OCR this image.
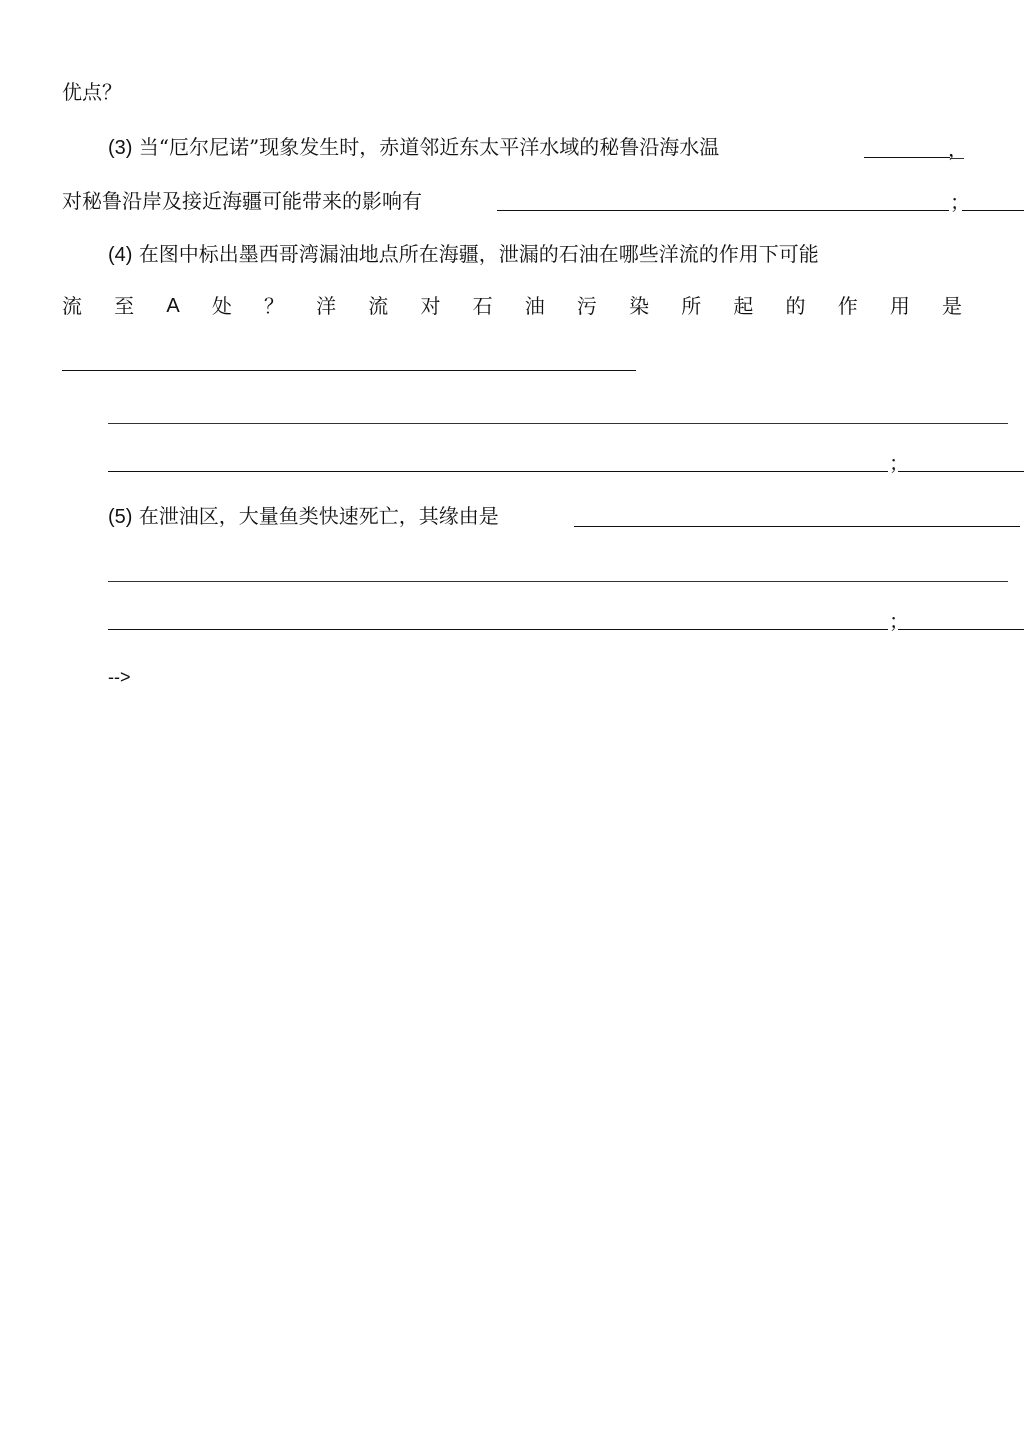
优点？
(3) 当“厄尔尼诺”现象发生时，赤道邻近东太平洋水域的秘鲁沿海水温	，
对秘鲁沿岸及接近海疆可能带来的影响有	；
(4) 在图中标出墨西哥湾漏油地点所在海疆，泄漏的石油在哪些洋流的作用下可能
流 至 A 处 ？ 洋 流 对 石 油 污 染 所 起 的 作 用 是
；
(5) 在泄油区，大量鱼类快速死亡，其缘由是
；
-->
